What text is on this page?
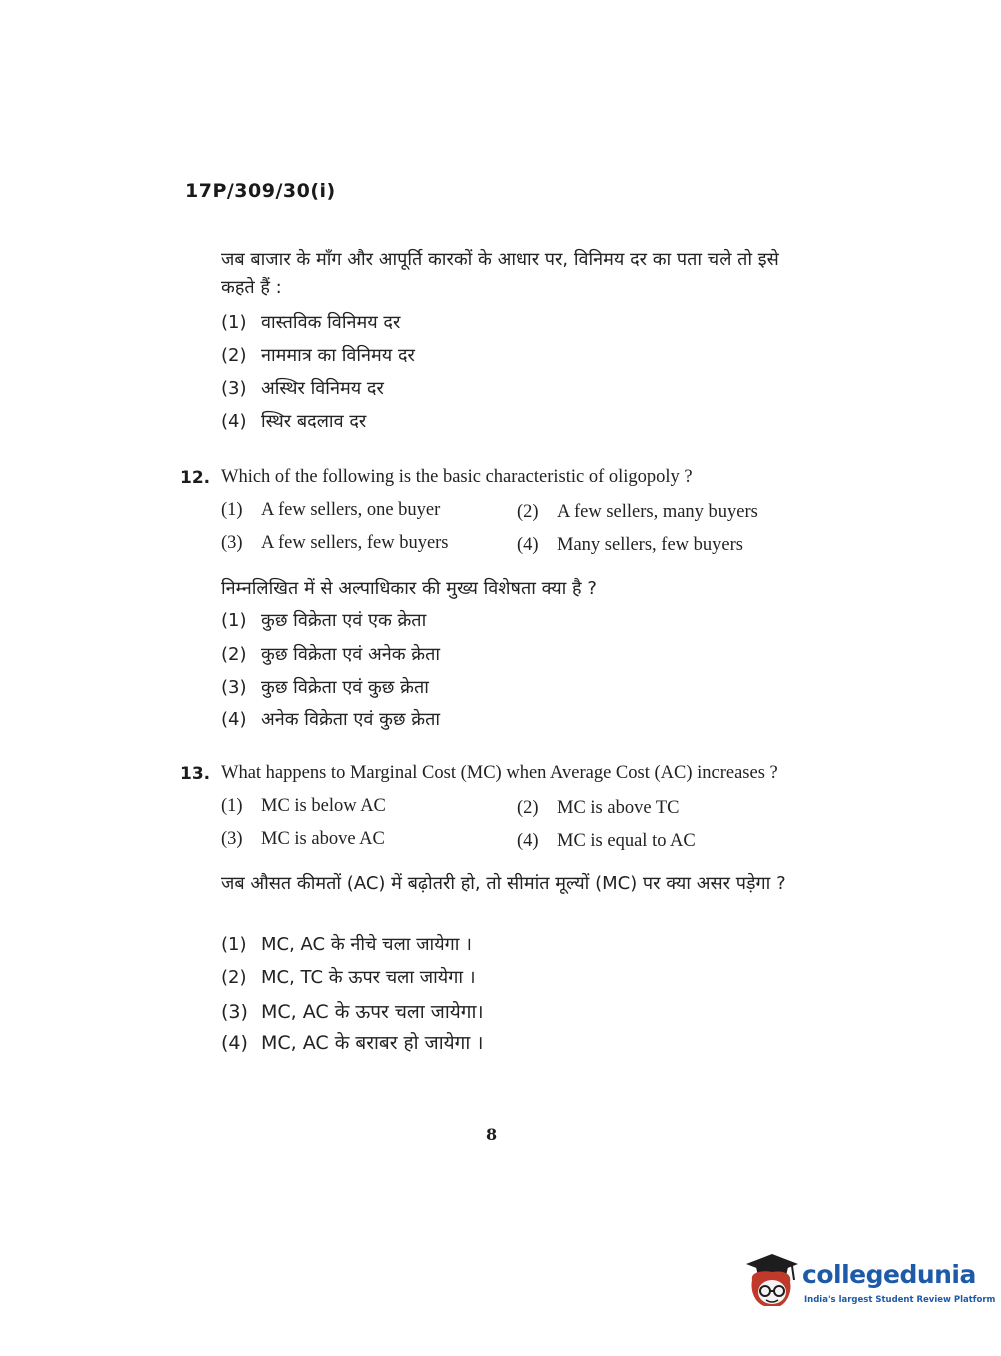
17P/309/30(i)
जब बाजार के माँग और आपूर्ति कारकों के आधार पर, विनिमय दर का पता चले तो इसे कहते हैं :
(1) वास्तविक विनिमय दर
(2) नाममात्र का विनिमय दर
(3) अस्थिर विनिमय दर
(4) स्थिर बदलाव दर
12. Which of the following is the basic characteristic of oligopoly ?
(1) A few sellers, one buyer	(2) A few sellers, many buyers
(3) A few sellers, few buyers	(4) Many sellers, few buyers
निम्नलिखित में से अल्पाधिकार की मुख्य विशेषता क्या है ?
(1) कुछ विक्रेता एवं एक क्रेता
(2) कुछ विक्रेता एवं अनेक क्रेता
(3) कुछ विक्रेता एवं कुछ क्रेता
(4) अनेक विक्रेता एवं कुछ क्रेता
13. What happens to Marginal Cost (MC) when Average Cost (AC) increases ?
(1) MC is below AC	(2) MC is above TC
(3) MC is above AC	(4) MC is equal to AC
जब औसत कीमतों (AC) में बढ़ोतरी हो, तो सीमांत मूल्यों (MC) पर क्या असर पड़ेगा ?
(1) MC, AC के नीचे चला जायेगा ।
(2) MC, TC के ऊपर चला जायेगा ।
(3) MC, AC के ऊपर चला जायेगा।
(4) MC, AC के बराबर हो जायेगा ।
8
collegedunia
India's largest Student Review Platform
